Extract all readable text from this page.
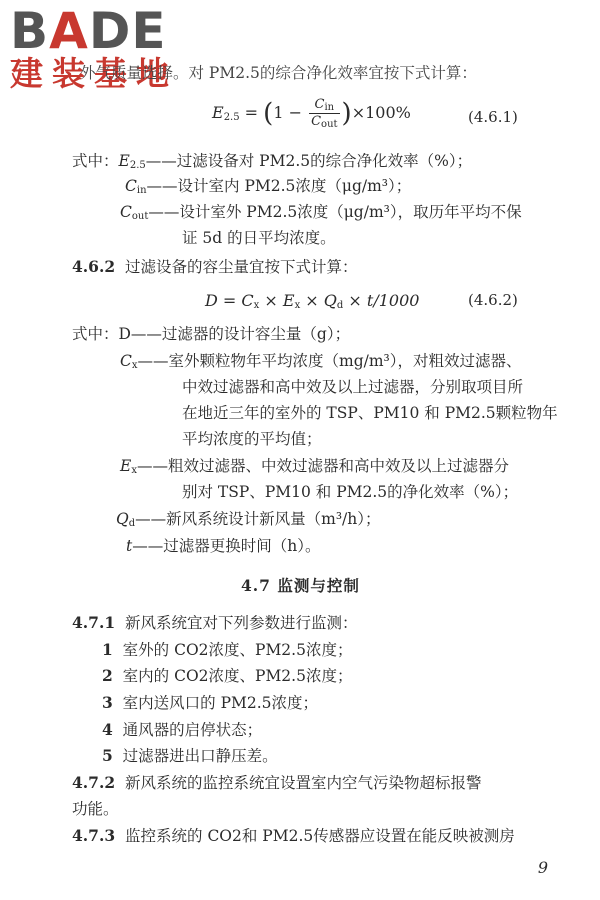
BADE
建装基地
外气质量选择。对 PM2.5的综合净化效率宜按下式计算：
$E_{2.5} = (1 - \frac{C_{in}}{C_{out}} )\times 100\%$	(4.6.1)
式中：$E_{2.5}——$过滤设备对 PM2.5的综合净化效率（%）；
$C_{in}——$设计室内 PM2.5浓度（μg/m³）；
$C_{out}——$设计室外 PM2.5浓度（μg/m³），取历年平均不保
证 5d 的日平均浓度。
4.6.2 过滤设备的容尘量宜按下式计算：
$D = C_x \times E_x \times Q_d \times t/1000$	(4.6.2)
式中：D——过滤器的设计容尘量（g）；
$C_x——$室外颗粒物年平均浓度（mg/m³），对粗效过滤器、
中效过滤器和高中效及以上过滤器，分别取项目所
在地近三年的室外的 TSP、PM10 和 PM2.5颗粒物年
平均浓度的平均值；
$E_x——$粗效过滤器、中效过滤器和高中效及以上过滤器分
别对 TSP、PM10 和 PM2.5的净化效率（%）；
$Q_d——$新风系统设计新风量（m³/h）；
t——过滤器更换时间（h）。
4.7 监测与控制
4.7.1 新风系统宜对下列参数进行监测：
1 室外的 CO2浓度、PM2.5浓度；
2 室内的 CO2浓度、PM2.5浓度；
3 室内送风口的 PM2.5浓度；
4 通风器的启停状态；
5 过滤器进出口静压差。
4.7.2 新风系统的监控系统宜设置室内空气污染物超标报警
功能。
4.7.3 监控系统的 CO2和 PM2.5传感器应设置在能反映被测房
9
